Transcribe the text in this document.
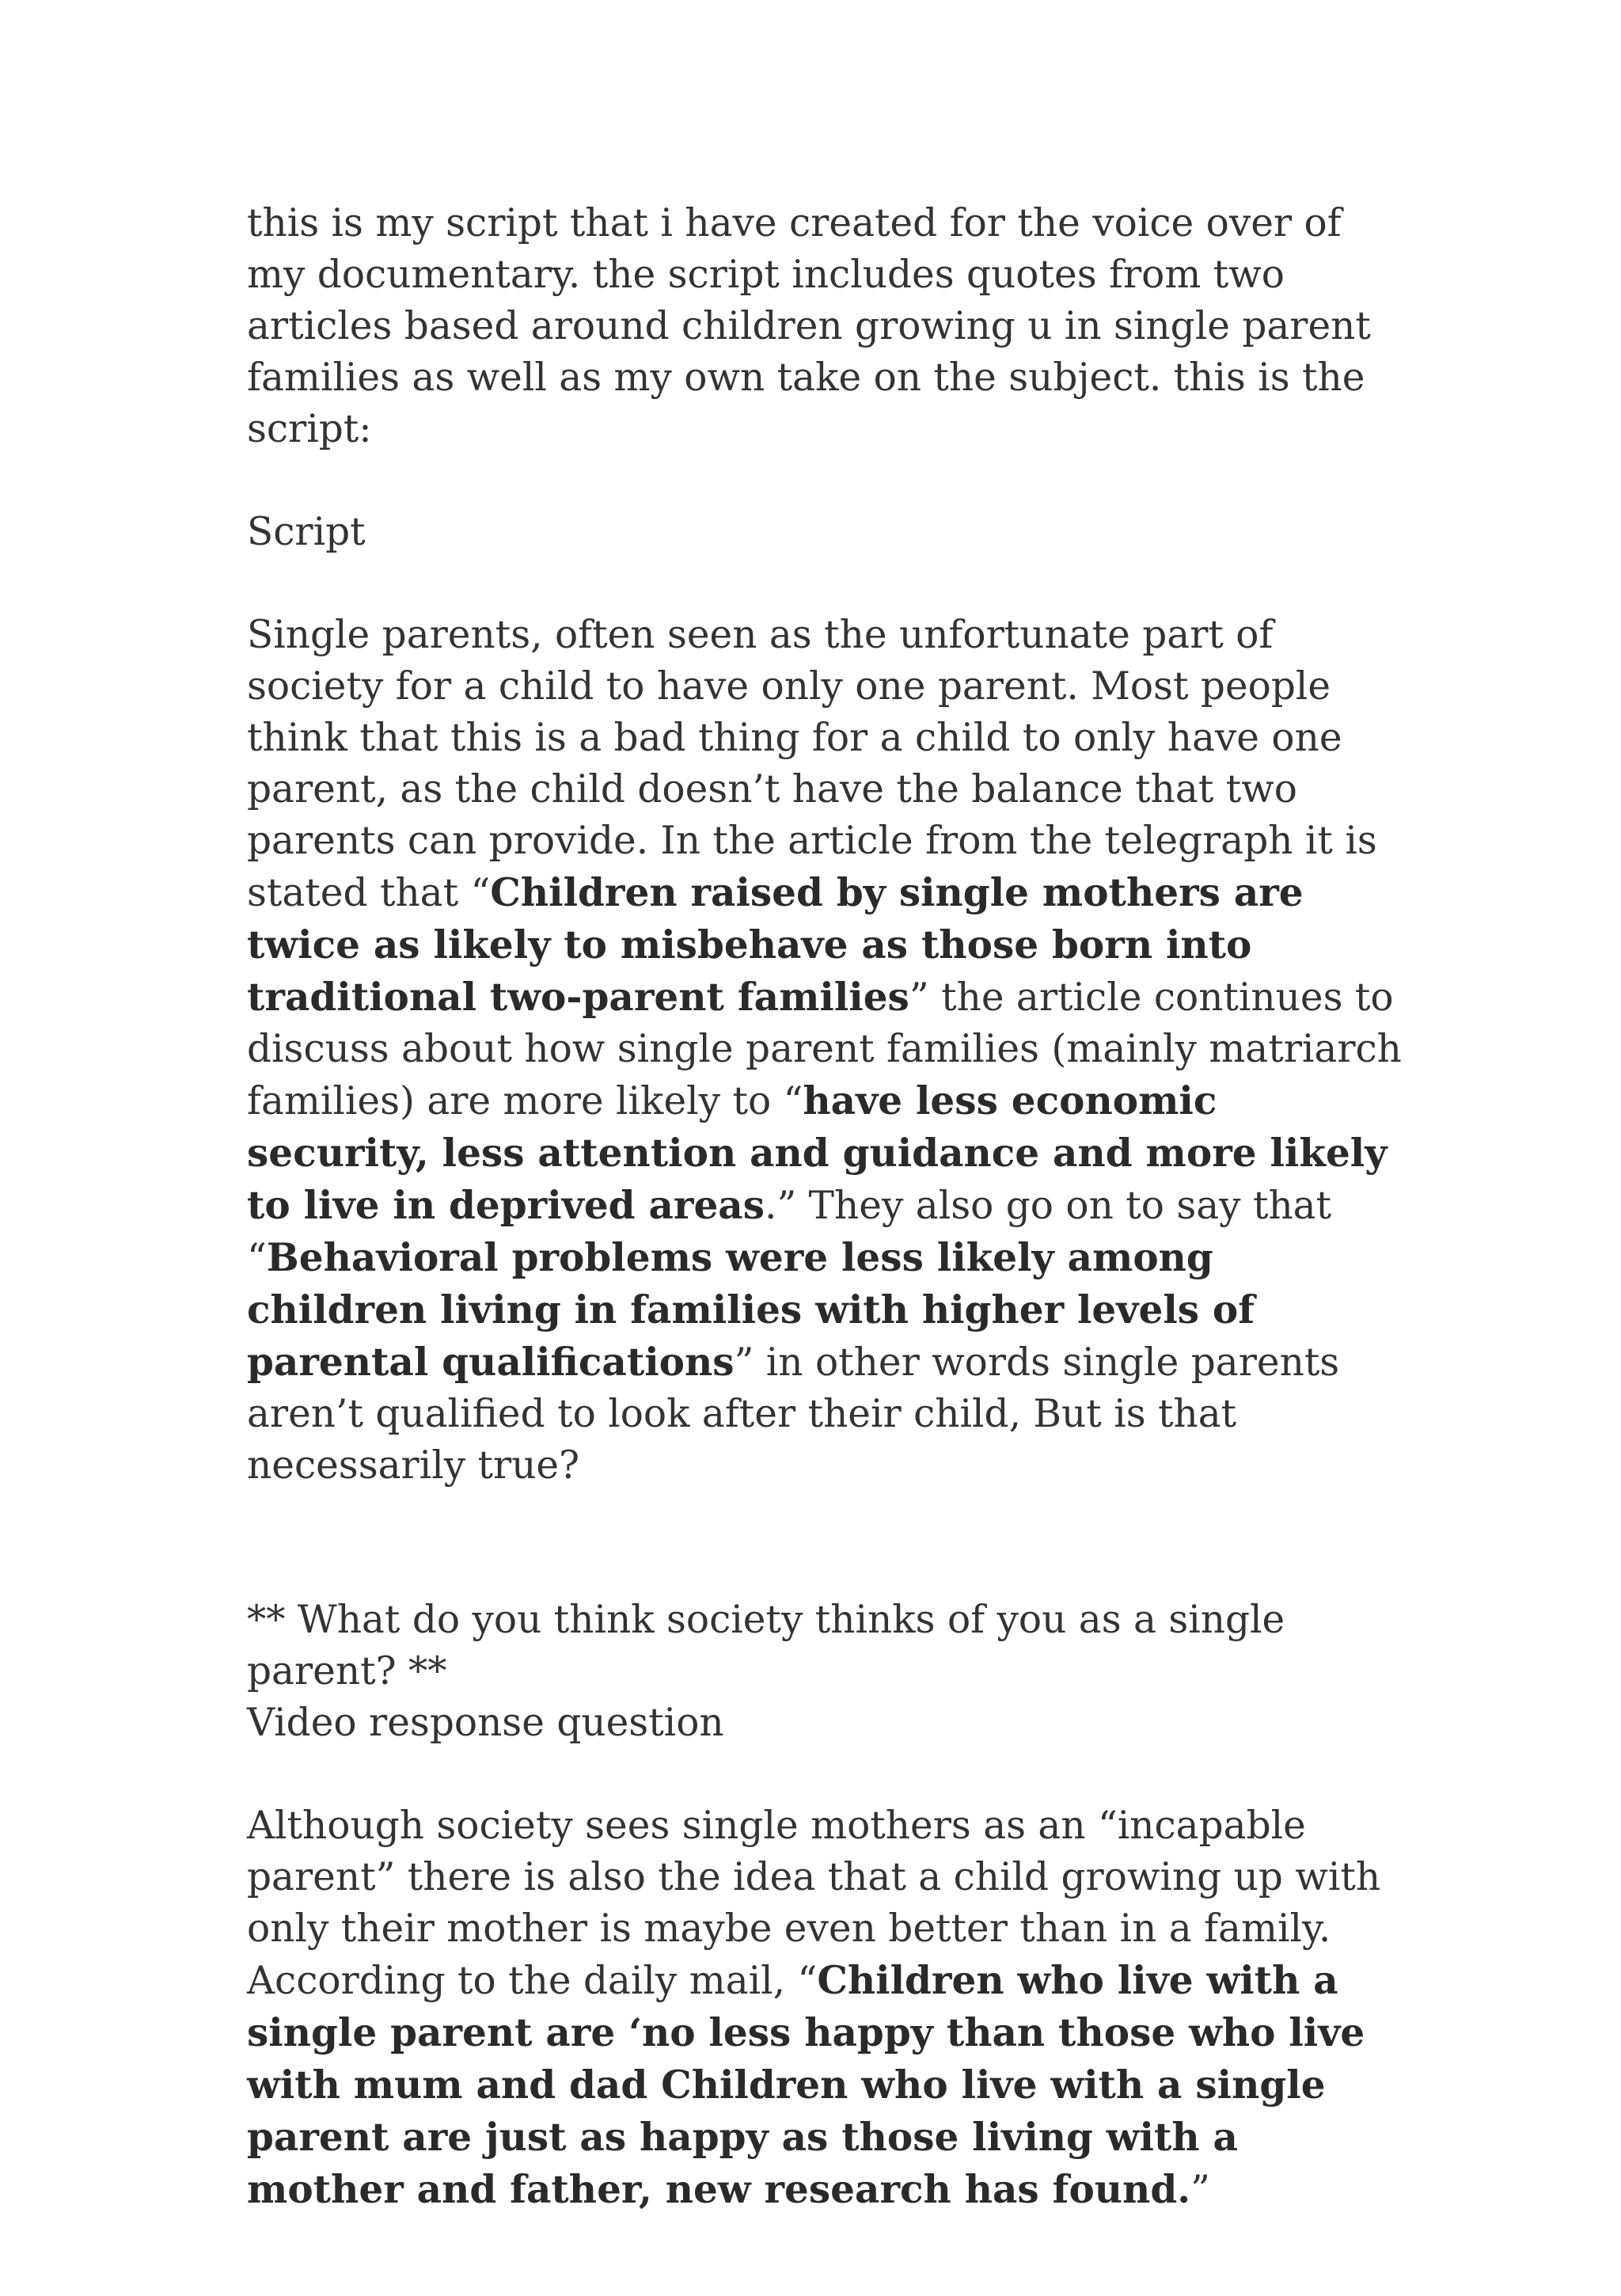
this is my script that i have created for the voice over of my documentary. the script includes quotes from two articles based around children growing u in single parent families as well as my own take on the subject. this is the script:

Script

Single parents, often seen as the unfortunate part of society for a child to have only one parent. Most people think that this is a bad thing for a child to only have one parent, as the child doesn’t have the balance that two parents can provide. In the article from the telegraph it is stated that “Children raised by single mothers are twice as likely to misbehave as those born into traditional two-parent families” the article continues to discuss about how single parent families (mainly matriarch families) are more likely to “have less economic security, less attention and guidance and more likely to live in deprived areas.” They also go on to say that “Behavioral problems were less likely among children living in families with higher levels of parental qualifications” in other words single parents aren’t qualified to look after their child, But is that necessarily true?

** What do you think society thinks of you as a single parent? **

Video response question

Although society sees single mothers as an “incapable parent” there is also the idea that a child growing up with only their mother is maybe even better than in a family. According to the daily mail, “Children who live with a single parent are ‘no less happy than those who live with mum and dad Children who live with a single parent are just as happy as those living with a mother and father, new research has found.”
